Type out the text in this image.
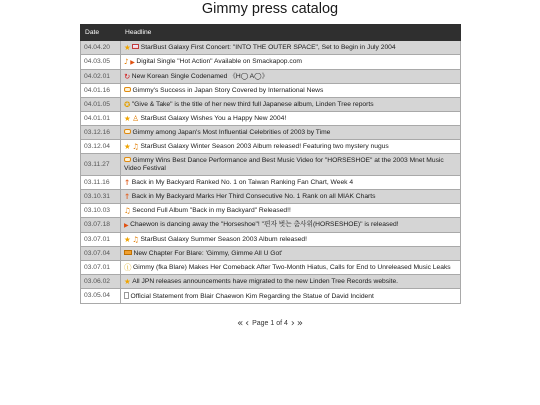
Gimmy press catalog
Date	Headline
04.04.20	★StarBust Galaxy First Concert: "INTO THE OUTER SPACE", Set to Begin in July 2004
04.03.05	♪▶Digital Single "Hot Action" Available on Smackapop.com
04.02.01	↻New Korean Single Codenamed 《H◯ A◯》
04.01.16	Gimmy's Success in Japan Story Covered by International News
04.01.05	✪"Give & Take" is the title of her new third full Japanese album, Linden Tree reports
04.01.01	★♙StarBust Galaxy Wishes You a Happy New 2004!
03.12.16	Gimmy among Japan's Most Influential Celebrities of 2003 by Time
03.12.04	★♫StarBust Galaxy Winter Season 2003 Album released! Featuring two mystery nugus
03.11.27	Gimmy Wins Best Dance Performance and Best Music Video for "HORSESHOE" at the 2003 Mnet Music Video Festival
03.11.16	↑Back in My Backyard Ranked No. 1 on Taiwan Ranking Fan Chart, Week 4
03.10.31	↑Back in My Backyard Marks Her Third Consecutive No. 1 Rank on all MIAK Charts
03.10.03	♫Second Full Album "Back in my Backyard" Released!!
03.07.18	▶Chaewon is dancing away the "Horseshoe"! "편자 벗는 춤사위(HORSESHOE)" is released!
03.07.01	★♫StarBust Galaxy Summer Season 2003 Album released!
03.07.04	New Chapter For Blare: 'Gimmy, Gimme All U Got'
03.07.01	ⓘGimmy (fka Blare) Makes Her Comeback After Two-Month Hiatus, Calls for End to Unreleased Music Leaks
03.06.02	★All JPN releases announcements have migrated to the new Linden Tree Records website.
03.05.04	Official Statement from Blair Chaewon Kim Regarding the Statue of David Incident
« ‹ Page 1 of 4 › »
